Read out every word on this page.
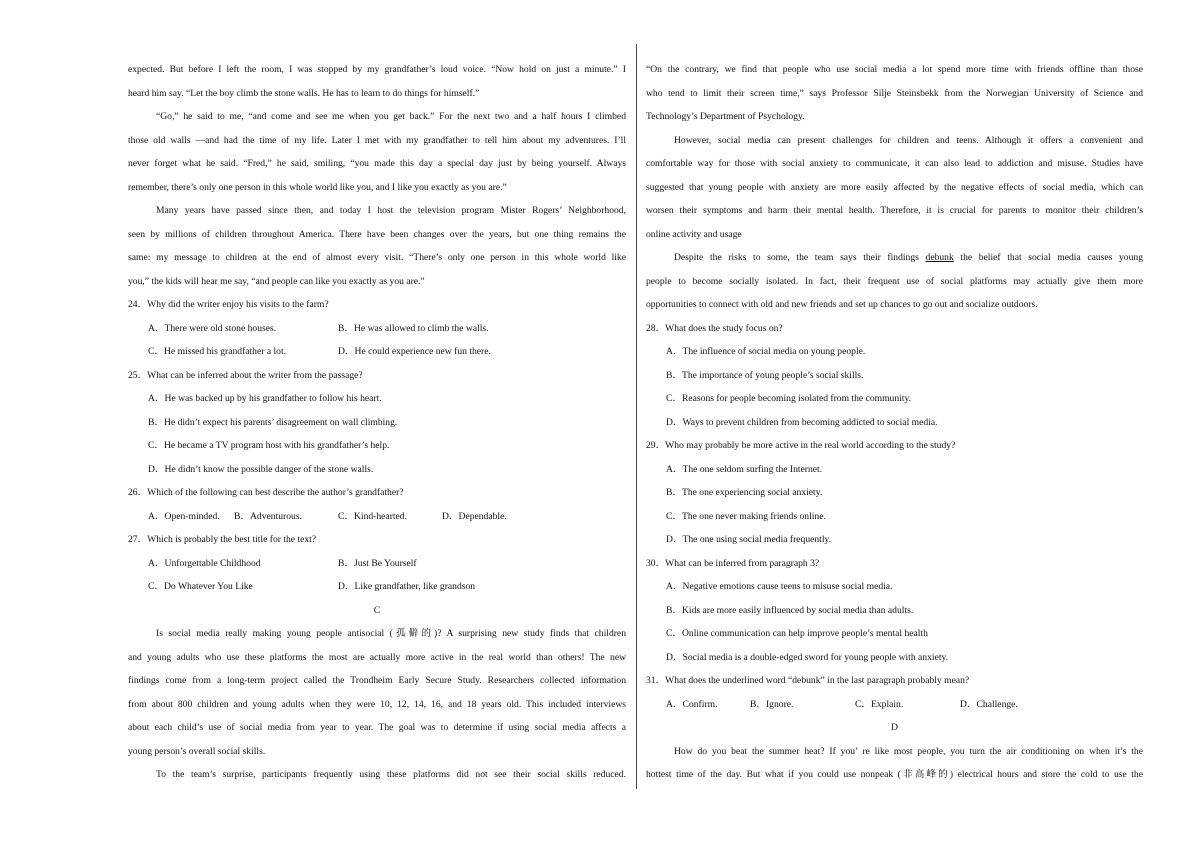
expected. But before I left the room, I was stopped by my grandfather’s loud voice. “Now hold on just a minute.” I

heard him say. “Let the boy climb the stone walls. He has to learn to do things for himself.”

“Go,” he said to me, “and come and see me when you get back.” For the next two and a half hours I climbed

those old walls —and had the time of my life. Later I met with my grandfather to tell him about my adventures. I’ll

never forget what he said. “Fred,” he said, smiling, “you made this day a special day just by being yourself. Always

remember, there’s only one person in this whole world like you, and I like you exactly as you are.”

Many years have passed since then, and today I host the television program Mister Rogers’ Neighborhood,

seen by millions of children throughout America. There have been changes over the years, but one thing remains the

same: my message to children at the end of almost every visit. “There’s only one person in this whole world like

you,” the kids will hear me say, “and people can like you exactly as you are.”

24．Why did the writer enjoy his visits to the farm?

A．There were old stone houses.	B．He was allowed to climb the walls.
C．He missed his grandfather a lot.	D．He could experience new fun there.

25．What can be inferred about the writer from the passage?

A．He was backed up by his grandfather to follow his heart.

B．He didn’t expect his parents’ disagreement on wall climbing.

C．He became a TV program host with his grandfather’s help.

D．He didn’t know the possible danger of the stone walls.

26．Which of the following can best describe the author’s grandfather?

A．Open-minded.	B．Adventurous.	C．Kind-hearted.	D．Dependable.

27．Which is probably the best title for the text?

A．Unforgettable Childhood	B．Just Be Yourself
C．Do Whatever You Like	D．Like grandfather, like grandson

C

Is social media really making young people antisocial (孤僻的)? A surprising new study finds that children

and young adults who use these platforms the most are actually more active in the real world than others! The new

findings come from a long-term project called the Trondheim Early Secure Study. Researchers collected information

from about 800 children and young adults when they were 10, 12, 14, 16, and 18 years old. This included interviews

about each child’s use of social media from year to year. The goal was to determine if using social media affects a

young person’s overall social skills.

To the team’s surprise, participants frequently using these platforms did not see their social skills reduced.

“On the contrary, we find that people who use social media a lot spend more time with friends offline than those

who tend to limit their screen time,” says Professor Silje Steinsbekk from the Norwegian University of Science and

Technology’s Department of Psychology.

However, social media can present challenges for children and teens. Although it offers a convenient and

comfortable way for those with social anxiety to communicate, it can also lead to addiction and misuse. Studies have

suggested that young people with anxiety are more easily affected by the negative effects of social media, which can

worsen their symptoms and harm their mental health. Therefore, it is crucial for parents to monitor their children’s

online activity and usage

Despite the risks to some, the team says their findings debunk the belief that social media causes young

people to become socially isolated. In fact, their frequent use of social platforms may actually give them more

opportunities to connect with old and new friends and set up chances to go out and socialize outdoors.

28．What does the study focus on?

A．The influence of social media on young people.

B．The importance of young people’s social skills.

C．Reasons for people becoming isolated from the community.

D．Ways to prevent children from becoming addicted to social media.

29．Who may probably be more active in the real world according to the study?

A．The one seldom surfing the Internet.

B．The one experiencing social anxiety.

C．The one never making friends online.

D．The one using social media frequently.

30．What can be inferred from paragraph 3?

A．Negative emotions cause teens to misuse social media.

B．Kids are more easily influenced by social media than adults.

C．Online communication can help improve people’s mental health

D．Social media is a double-edged sword for young people with anxiety.

31．What does the underlined word “debunk” in the last paragraph probably mean?

A．Confirm.	B．Ignore.	C．Explain.	D．Challenge.

D

How do you beat the summer heat? If you’ re like most people, you turn the air conditioning on when it’s the

hottest time of the day. But what if you could use nonpeak (非高峰的) electrical hours and store the cold to use the
